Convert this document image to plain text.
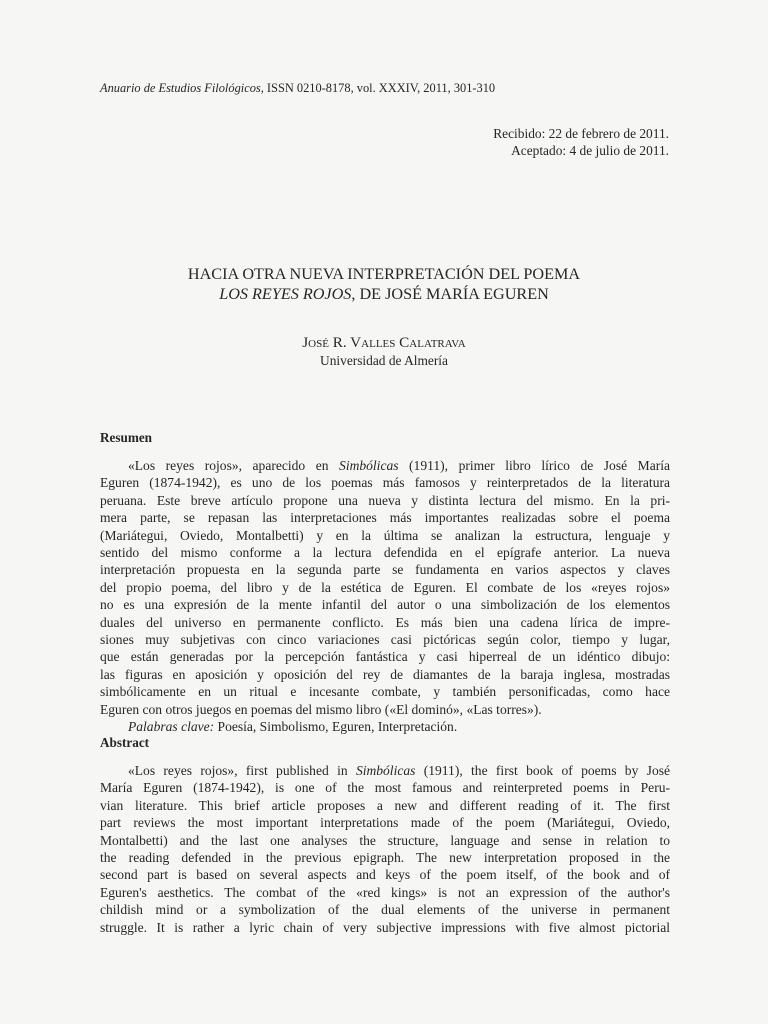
Anuario de Estudios Filológicos, ISSN 0210-8178, vol. XXXIV, 2011, 301-310
Recibido: 22 de febrero de 2011.
Aceptado: 4 de julio de 2011.
HACIA OTRA NUEVA INTERPRETACIÓN DEL POEMA
LOS REYES ROJOS, DE JOSÉ MARÍA EGUREN
José R. Valles Calatrava
Universidad de Almería
Resumen
«Los reyes rojos», aparecido en Simbólicas (1911), primer libro lírico de José María
Eguren (1874-1942), es uno de los poemas más famosos y reinterpretados de la literatura
peruana. Este breve artículo propone una nueva y distinta lectura del mismo. En la pri-
mera parte, se repasan las interpretaciones más importantes realizadas sobre el poema
(Mariátegui, Oviedo, Montalbetti) y en la última se analizan la estructura, lenguaje y
sentido del mismo conforme a la lectura defendida en el epígrafe anterior. La nueva
interpretación propuesta en la segunda parte se fundamenta en varios aspectos y claves
del propio poema, del libro y de la estética de Eguren. El combate de los «reyes rojos»
no es una expresión de la mente infantil del autor o una simbolización de los elementos
duales del universo en permanente conflicto. Es más bien una cadena lírica de impre-
siones muy subjetivas con cinco variaciones casi pictóricas según color, tiempo y lugar,
que están generadas por la percepción fantástica y casi hiperreal de un idéntico dibujo:
las figuras en aposición y oposición del rey de diamantes de la baraja inglesa, mostradas
simbólicamente en un ritual e incesante combate, y también personificadas, como hace
Eguren con otros juegos en poemas del mismo libro («El dominó», «Las torres»).
Palabras clave: Poesía, Simbolismo, Eguren, Interpretación.
Abstract
«Los reyes rojos», first published in Simbólicas (1911), the first book of poems by José
María Eguren (1874-1942), is one of the most famous and reinterpreted poems in Peru-
vian literature. This brief article proposes a new and different reading of it. The first
part reviews the most important interpretations made of the poem (Mariátegui, Oviedo,
Montalbetti) and the last one analyses the structure, language and sense in relation to
the reading defended in the previous epigraph. The new interpretation proposed in the
second part is based on several aspects and keys of the poem itself, of the book and of
Eguren's aesthetics. The combat of the «red kings» is not an expression of the author's
childish mind or a symbolization of the dual elements of the universe in permanent
struggle. It is rather a lyric chain of very subjective impressions with five almost pictorial
